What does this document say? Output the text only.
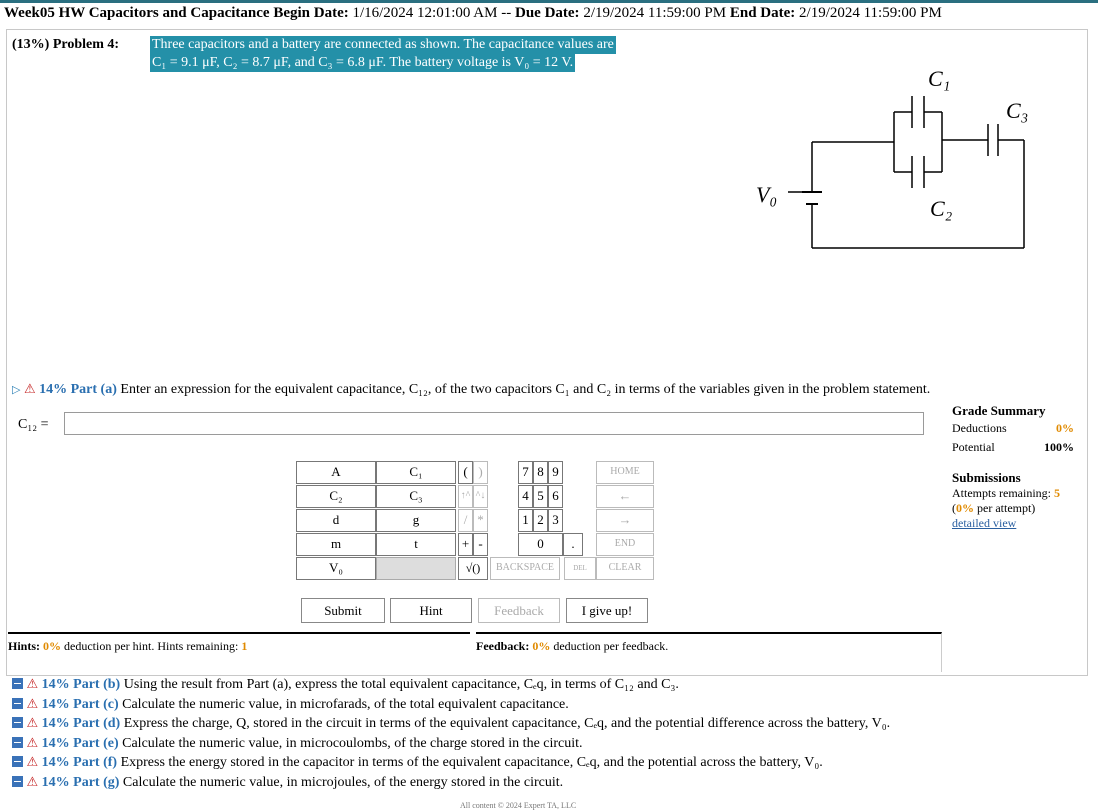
Week05 HW Capacitors and Capacitance Begin Date: 1/16/2024 12:01:00 AM -- Due Date: 2/19/2024 11:59:00 PM End Date: 2/19/2024 11:59:00 PM
(13%) Problem 4: Three capacitors and a battery are connected as shown. The capacitance values are
C₁ = 9.1 μF, C₂ = 8.7 μF, and C₃ = 6.8 μF. The battery voltage is V₀ = 12 V.
C₁
C₂
C₃
V₀
▷ ⚠ 14% Part (a) Enter an expression for the equivalent capacitance, C₁₂, of the two capacitors C₁ and C₂ in terms of the variables given in the problem statement.
C₁₂ =
Grade Summary
Deductions	0%
Potential	100%
Submissions
Attempts remaining: 5
(0% per attempt)
detailed view
A	C₁
C₂	C₃
d	g
m	t
V₀
( )
↑^ ^↓
/ *
+ -
√()
7 8 9
4 5 6
1 2 3
0	.
HOME
←
→
END
BACKSPACE	DEL	CLEAR
Submit	Hint	Feedback	I give up!
Hints: 0% deduction per hint. Hints remaining: 1	Feedback: 0% deduction per feedback.
⚠ 14% Part (b) Using the result from Part (a), express the total equivalent capacitance, Cₑq, in terms of C₁₂ and C₃.
⚠ 14% Part (c) Calculate the numeric value, in microfarads, of the total equivalent capacitance.
⚠ 14% Part (d) Express the charge, Q, stored in the circuit in terms of the equivalent capacitance, Cₑq, and the potential difference across the battery, V₀.
⚠ 14% Part (e) Calculate the numeric value, in microcoulombs, of the charge stored in the circuit.
⚠ 14% Part (f) Express the energy stored in the capacitor in terms of the equivalent capacitance, Cₑq, and the potential across the battery, V₀.
⚠ 14% Part (g) Calculate the numeric value, in microjoules, of the energy stored in the circuit.
All content © 2024 Expert TA, LLC
